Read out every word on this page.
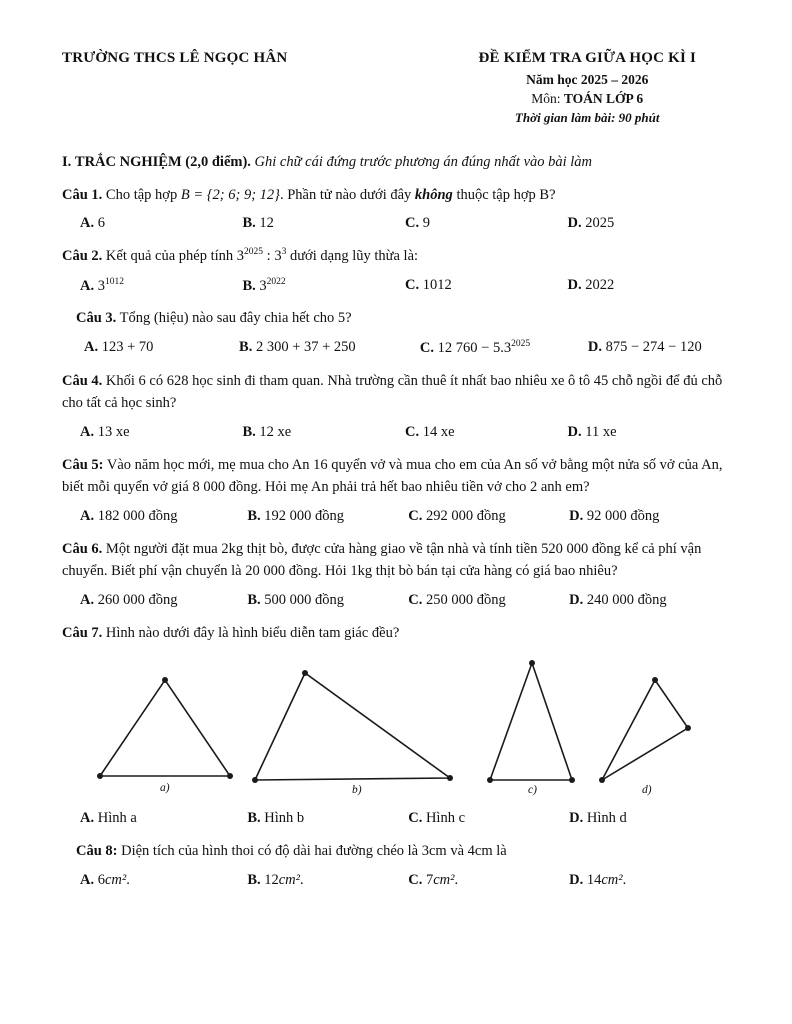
TRƯỜNG THCS LÊ NGỌC HÂN	ĐỀ KIỂM TRA GIỮA HỌC KÌ I
Năm học 2025 – 2026
Môn: TOÁN LỚP 6
Thời gian làm bài: 90 phút
I. TRẮC NGHIỆM (2,0 điểm). Ghi chữ cái đứng trước phương án đúng nhất vào bài làm
Câu 1. Cho tập hợp B = {2; 6; 9; 12}. Phần tử nào dưới đây không thuộc tập hợp B?
A. 6	B. 12	C. 9	D. 2025
Câu 2. Kết quả của phép tính $3^{2025}$ : $3^3$ dưới dạng lũy thừa là:
A. $3^{1012}$	B. $3^{2022}$	C. 1012	D. 2022
Câu 3. Tổng (hiệu) nào sau đây chia hết cho 5?
A. 123 + 70	B. 2 300 + 37 + 250	C. 12 $760 - 5.3^{2025}$	D. 875 − 274 − 120
Câu 4. Khối 6 có 628 học sinh đi tham quan. Nhà trường cần thuê ít nhất bao nhiêu xe ô tô 45 chỗ ngồi để đủ chỗ cho tất cả học sinh?
A. 13 xe	B. 12 xe	C. 14 xe	D. 11 xe
Câu 5: Vào năm học mới, mẹ mua cho An 16 quyển vở và mua cho em của An số vở bằng một nửa số vở của An, biết mỗi quyển vở giá 8 000 đồng. Hỏi mẹ An phải trả hết bao nhiêu tiền vở cho 2 anh em?
A. 182 000 đồng	B. 192 000 đồng	C. 292 000 đồng	D. 92 000 đồng
Câu 6. Một người đặt mua 2kg thịt bò, được cửa hàng giao về tận nhà và tính tiền 520 000 đồng kể cả phí vận chuyển. Biết phí vận chuyển là 20 000 đồng. Hỏi 1kg thịt bò bán tại cửa hàng có giá bao nhiêu?
A. 260 000 đồng	B. 500 000 đồng	C. 250 000 đồng	D. 240 000 đồng
Câu 7. Hình nào dưới đây là hình biểu diễn tam giác đều?
a)	b)	c)	d)
A. Hình a	B. Hình b	C. Hình c	D. Hình d
Câu 8: Diện tích của hình thoi có độ dài hai đường chéo là 3cm và 4cm là
A. 6cm².	B. 12cm².	C. 7cm².	D. 14cm².
